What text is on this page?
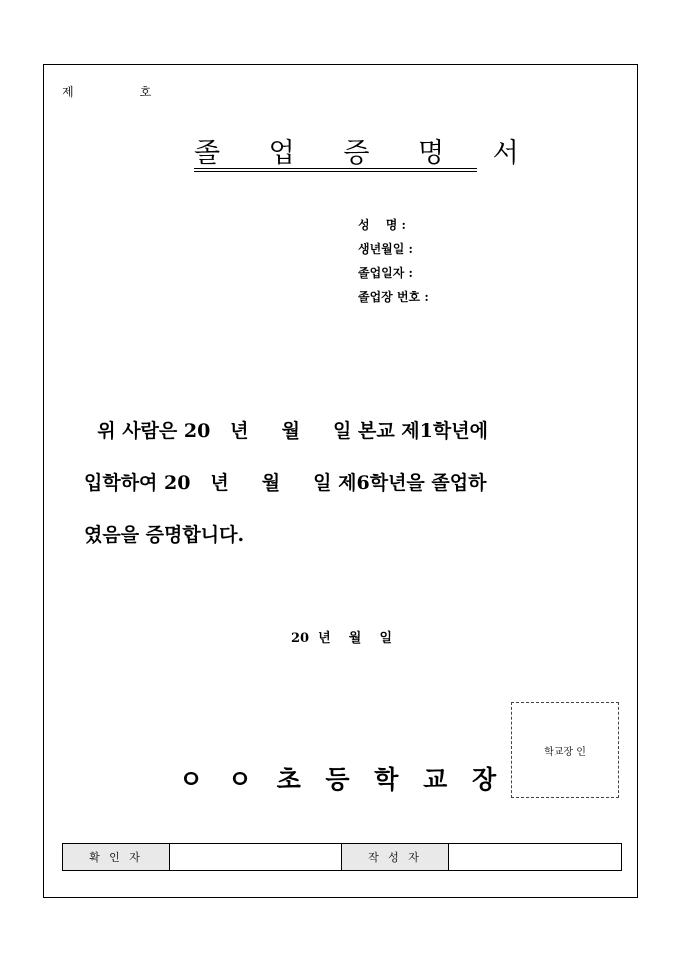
제	호
졸 업 증 명 서
성　 명 :
생년월일 :
졸업일자 :
졸업장 번호 :
위 사람은 20   년     월     일 본교 제1학년에
입학하여 20   년     월     일 제6학년을 졸업하
였음을 증명합니다.
20  년    월    일
학교장 인
ㅇ ㅇ 초 등 학 교 장
확 인 자		작 성 자	
